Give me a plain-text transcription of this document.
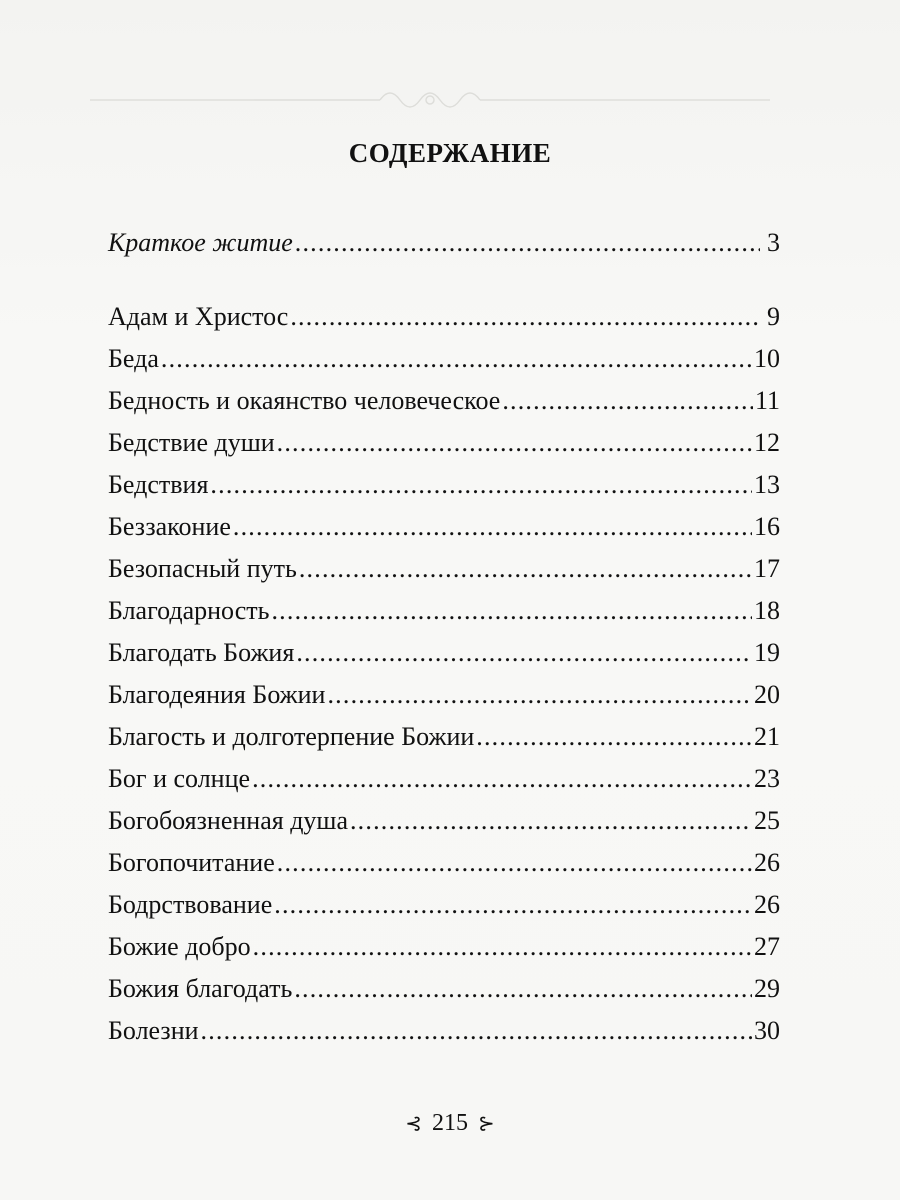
СОДЕРЖАНИЕ
Краткое житие .....	3
Адам и Христос .....	9
Беда .....	10
Бедность и окаянство человеческое .....	11
Бедствие души .....	12
Бедствия .....	13
Беззаконие .....	16
Безопасный путь .....	17
Благодарность .....	18
Благодать Божия .....	19
Благодеяния Божии .....	20
Благость и долготерпение Божии .....	21
Бог и солнце .....	23
Богобоязненная душа .....	25
Богопочитание .....	26
Бодрствование .....	26
Божие добро .....	27
Божия благодать .....	29
Болезни .....	30
⊰ 215 ⊱
